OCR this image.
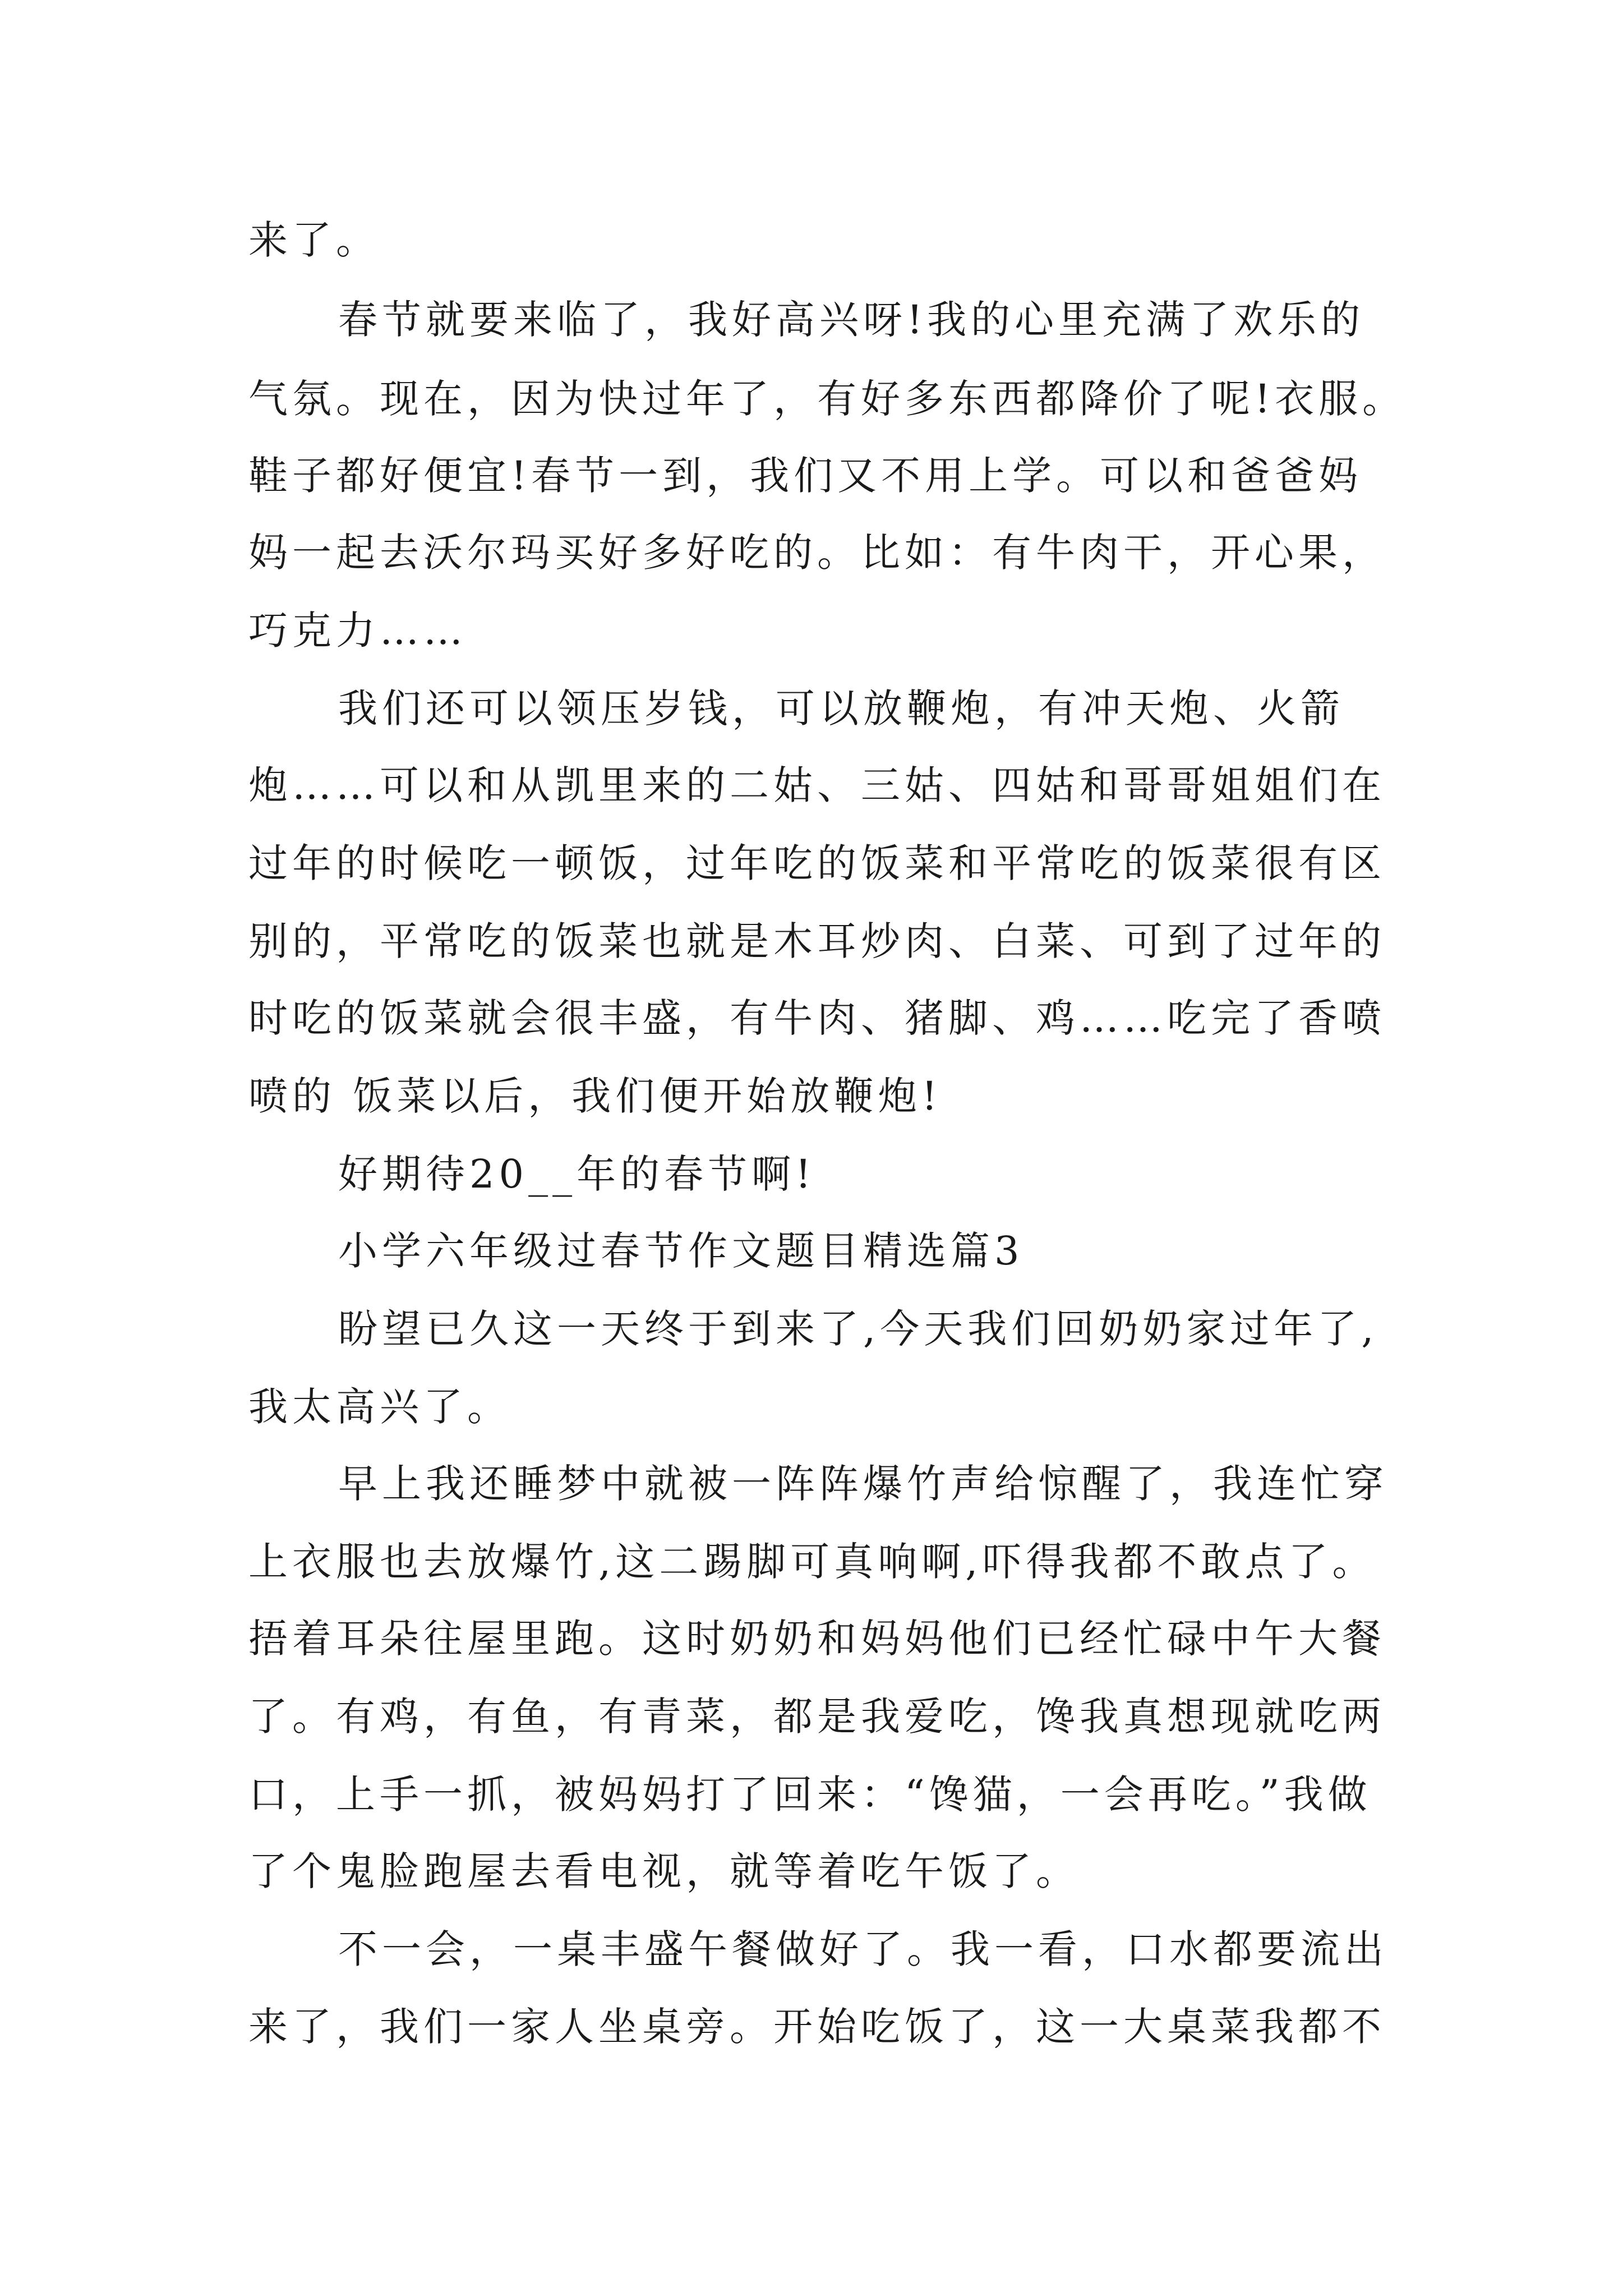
来了。
春节就要来临了，我好高兴呀!我的心里充满了欢乐的
气氛。现在，因为快过年了，有好多东西都降价了呢!衣服。
鞋子都好便宜!春节一到，我们又不用上学。可以和爸爸妈
妈一起去沃尔玛买好多好吃的。比如：有牛肉干，开心果，
巧克力……
我们还可以领压岁钱，可以放鞭炮，有冲天炮、火箭
炮……可以和从凯里来的二姑、三姑、四姑和哥哥姐姐们在
过年的时候吃一顿饭，过年吃的饭菜和平常吃的饭菜很有区
别的，平常吃的饭菜也就是木耳炒肉、白菜、可到了过年的
时吃的饭菜就会很丰盛，有牛肉、猪脚、鸡……吃完了香喷
喷的 饭菜以后，我们便开始放鞭炮!
好期待20__年的春节啊!
小学六年级过春节作文题目精选篇3
盼望已久这一天终于到来了,今天我们回奶奶家过年了,
我太高兴了。
早上我还睡梦中就被一阵阵爆竹声给惊醒了，我连忙穿
上衣服也去放爆竹,这二踢脚可真响啊,吓得我都不敢点了。
捂着耳朵往屋里跑。这时奶奶和妈妈他们已经忙碌中午大餐
了。有鸡，有鱼，有青菜，都是我爱吃，馋我真想现就吃两
口，上手一抓，被妈妈打了回来：“馋猫，一会再吃。”我做
了个鬼脸跑屋去看电视，就等着吃午饭了。
不一会，一桌丰盛午餐做好了。我一看，口水都要流出
来了，我们一家人坐桌旁。开始吃饭了，这一大桌菜我都不
